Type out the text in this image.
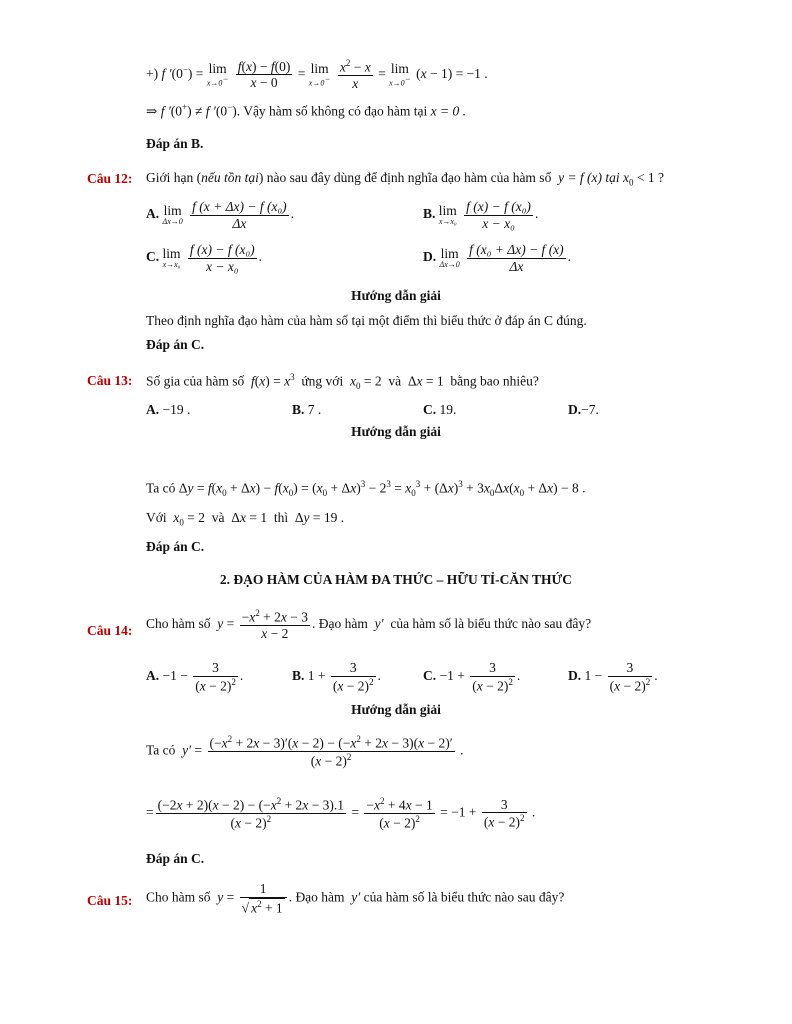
+) f ′(0−) = lim
x→0−
$\frac{f(x) - f(0)}{x - 0} = \lim$
x→0−
$\frac{x^2 - x}{x} = \lim$
x→0− (x − 1) = −1 .
⇒ f ′(0+) ≠ f ′(0−). Vậy hàm số không có đạo hàm tại x = 0 .
Đáp án B.
Câu 12: Giới hạn (nếu tồn tại) nào sau đây dùng để định nghĩa đạo hàm của hàm số y = f (x) tại $x_0 < 1$ ?
A. lim
Δx→0
$\frac{\text{f (x + Δx) − f (x₀)}}{\Delta x}$ .	B. lim
x→x₀
$\frac{\text{f (x) − f (x₀)}}{\text{x − x₀}}$ .
C. lim
x→x₀
$\frac{\text{f (x) − f (x₀)}}{\text{x − x₀}}$ .	D. lim
Δx→0
$\frac{\text{f (x₀ + Δx) − f (x)}}{\Delta x}$ .
Hướng dẫn giải
Theo định nghĩa đạo hàm của hàm số tại một điểm thì biểu thức ở đáp án C đúng.
Đáp án C.
Câu 13: Số gia của hàm số $f(x) = x^3$ ứng với $x_0 = 2$  và  Δx = 1  bằng bao nhiêu?
A. −19 .	B. 7 .	C. 19.	D.−7.
Hướng dẫn giải
Ta có $\Delta y = f(x_0 + \Delta x) - f(x_0) = (x_0 + \Delta x)^3 - 2^3 = x_0^3 + (\Delta x)^3 + 3x_0\Delta x(x_0 + \Delta x) - 8$ .
Với $x_0 = 2$  và  Δx = 1  thì  Δy = 19 .
Đáp án C.
2. ĐẠO HÀM CỦA HÀM ĐA THỨC – HỮU TỈ-CĂN THỨC
Câu 14: Cho hàm số $y = \frac{-x^2 + 2x - 3}{x - 2}$ . Đạo hàm y′ của hàm số là biểu thức nào sau đây?
A. $-1 - \frac{3}{(x - 2)^2}$ .	B. $1 + \frac{3}{(x - 2)^2}$ .	C. $-1 + \frac{3}{(x - 2)^2}$ .	D. $1 - \frac{3}{(x - 2)^2}$ .
Hướng dẫn giải
Ta có $y' = \frac{(-x^2 + 2x - 3)'(x - 2) - (-x^2 + 2x - 3)(x - 2)'}{(x - 2)^2}$ .
= $\frac{(-2x + 2)(x - 2) - (-x^2 + 2x - 3).1}{(x - 2)^2} = \frac{-x^2 + 4x - 1}{(x - 2)^2} = -1 + \frac{3}{(x - 2)^2}$ .
Đáp án C.
Câu 15: Cho hàm số $y = \frac{1}{√ x^2 + 1}$ . Đạo hàm y′ của hàm số là biểu thức nào sau đây?
